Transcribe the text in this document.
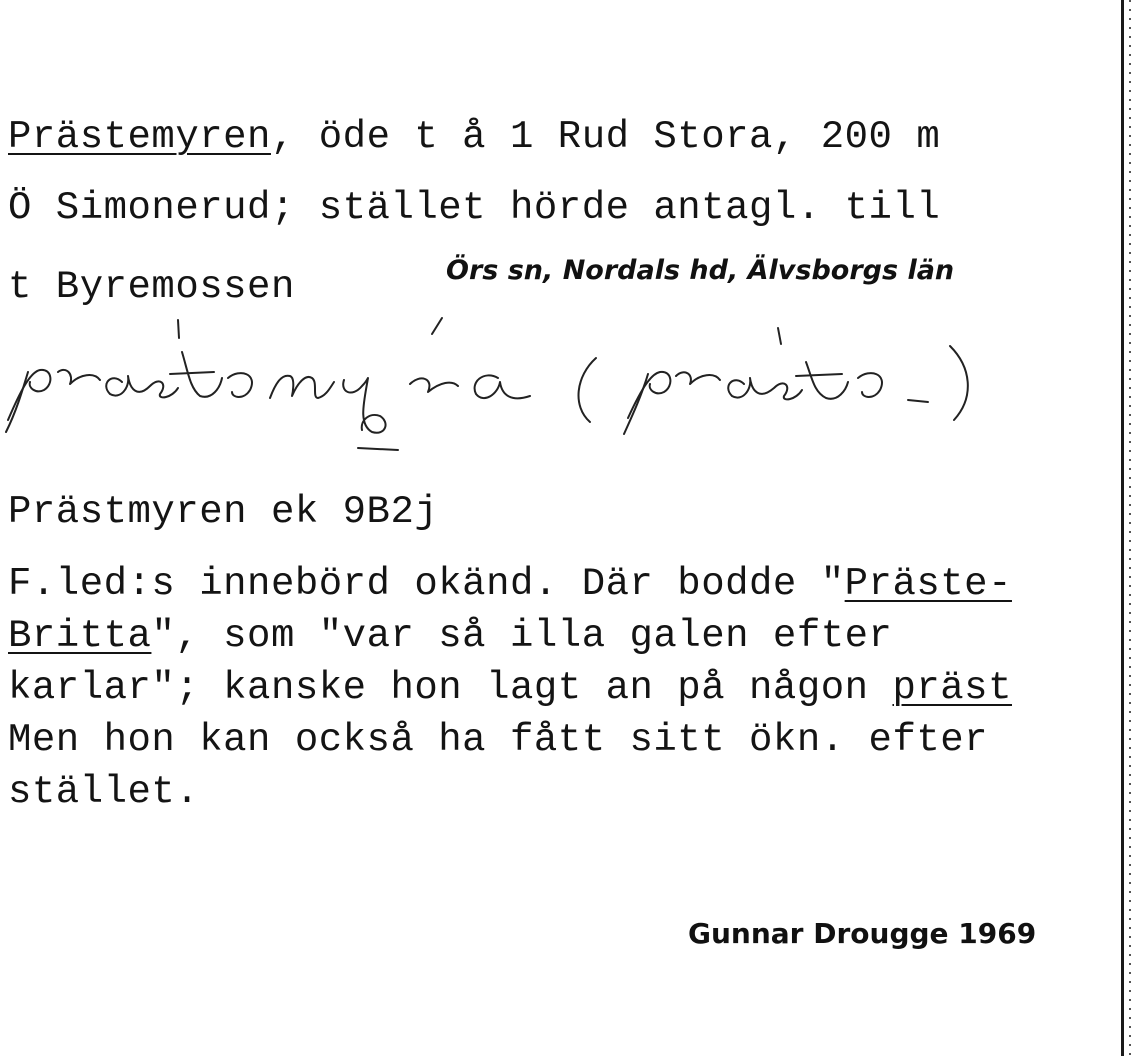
Prästemyren, öde t å 1 Rud Stora, 200 m

Ö Simonerud; stället hörde antagl. till

t Byremossen	Örs sn, Nordals hd, Älvsborgs län

Prästmyren ek 9B2j

F.led:s innebörd okänd. Där bodde "Präste-

Britta", som "var så illa galen efter

karlar"; kanske hon lagt an på någon präst

Men hon kan också ha fått sitt ökn. efter

stället.

Gunnar Drougge 1969
